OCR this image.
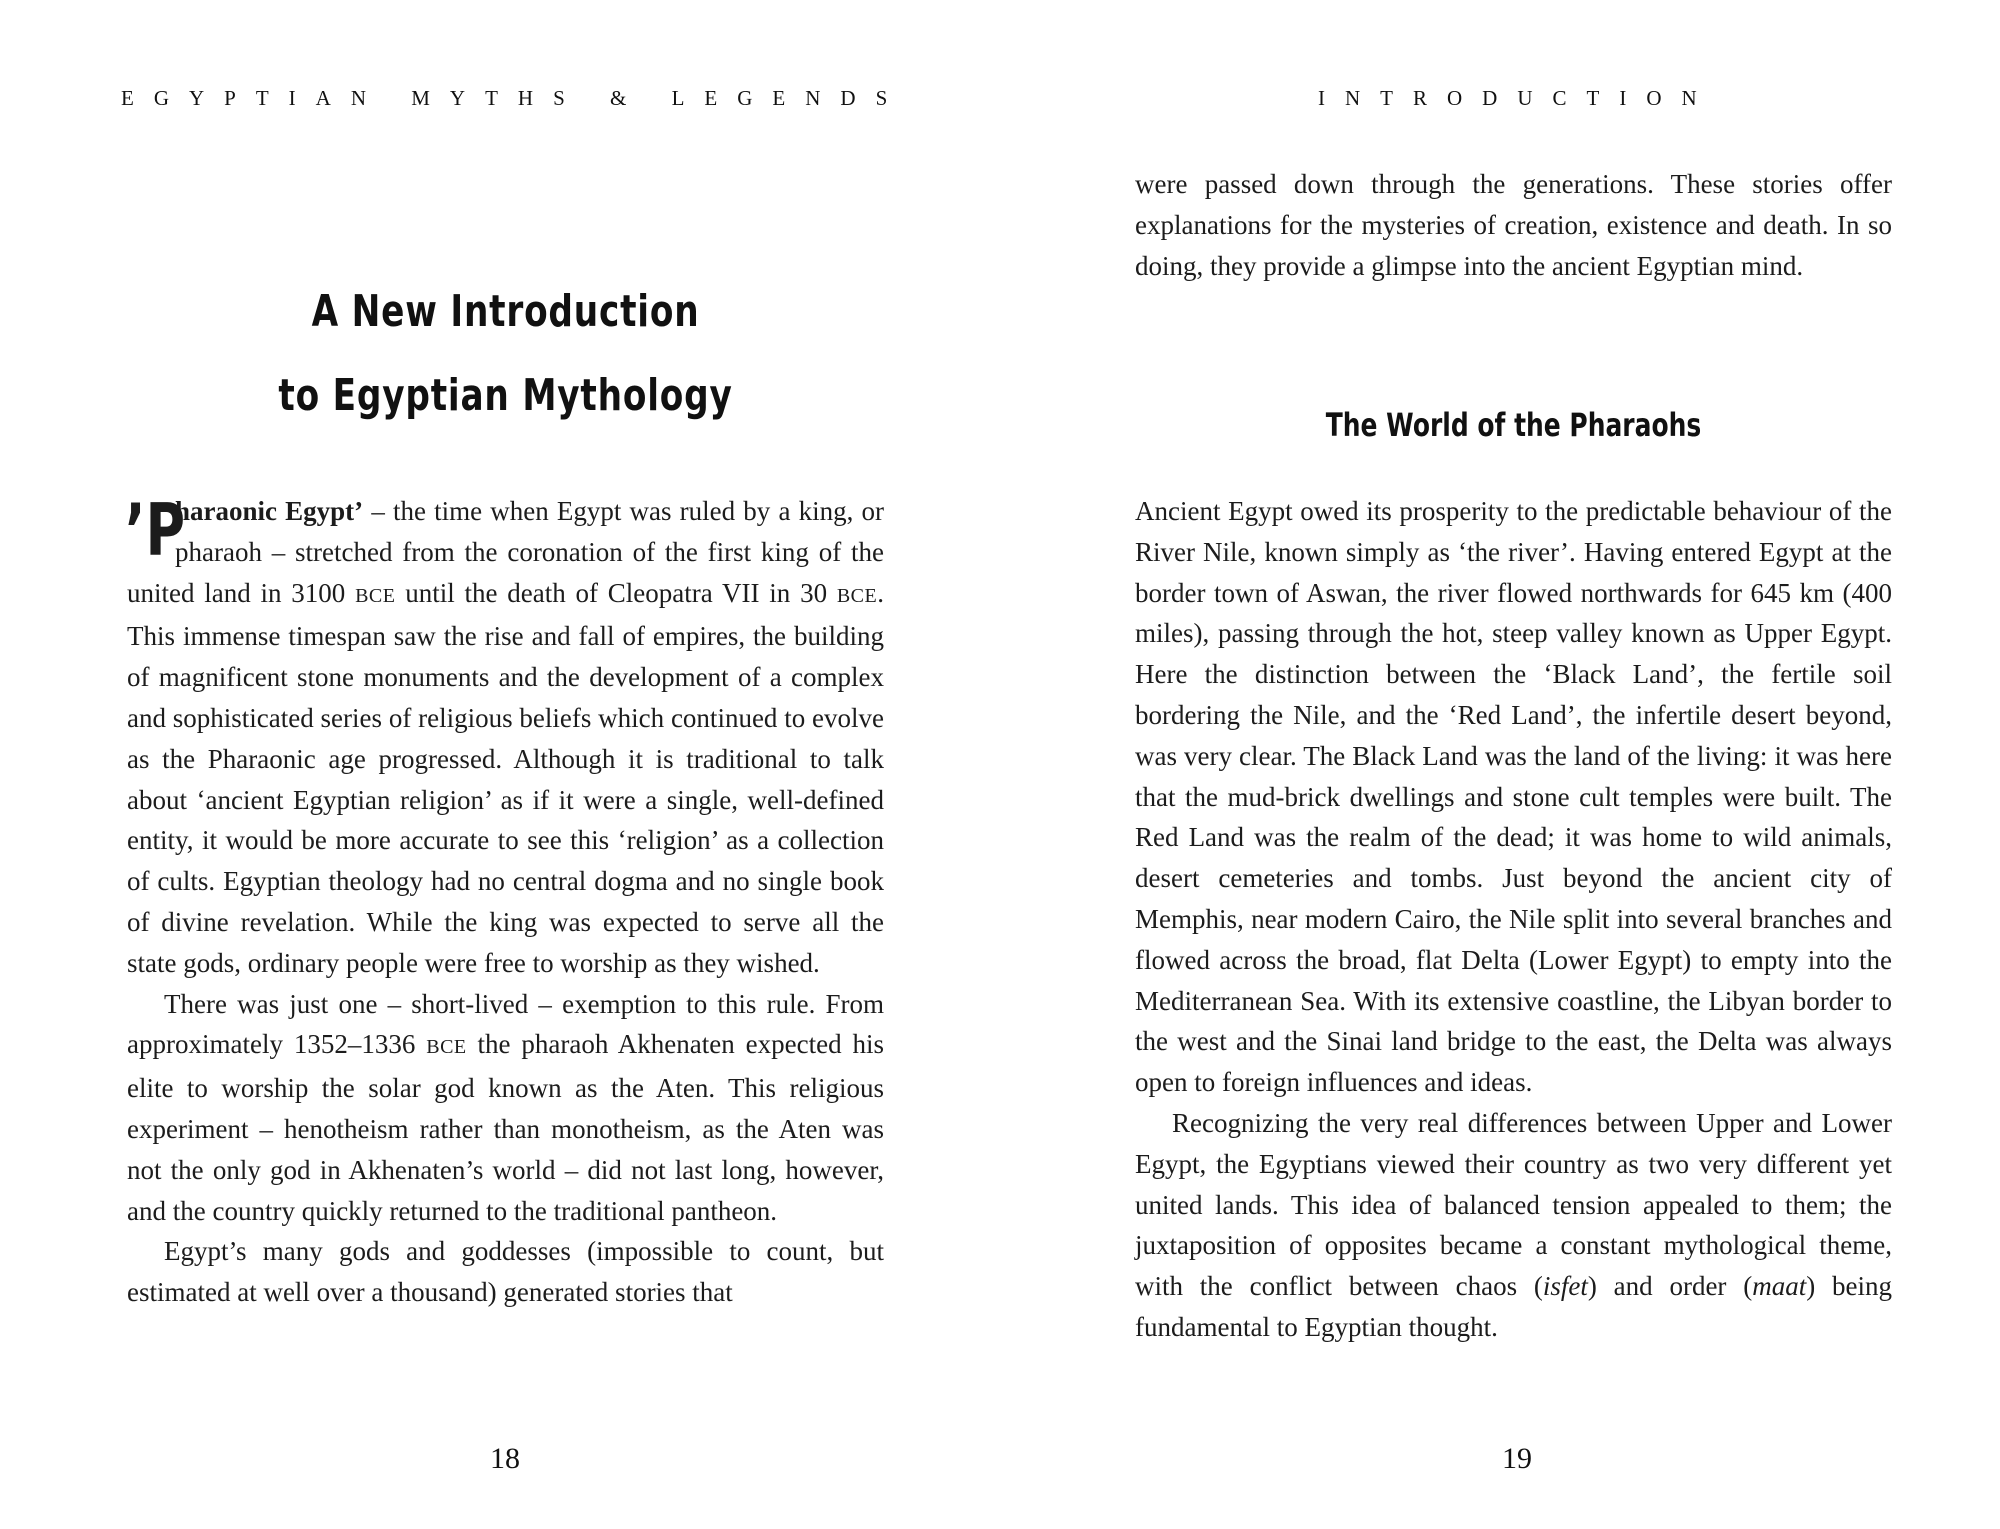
EGYPTIAN MYTHS & LEGENDS
A New Introduction
to Egyptian Mythology

’P
haraonic Egypt’ – the time when Egypt was ruled by a king, or pharaoh – stretched from the coronation of the first king of the united land in 3100 BCE until the death of Cleopatra VII in 30 BCE. This immense timespan saw the rise and fall of empires, the building of magnificent stone monuments and the development of a complex and sophisticated series of religious beliefs which continued to evolve as the Pharaonic age progressed. Although it is traditional to talk about ‘ancient Egyptian religion’ as if it were a single, well-defined entity, it would be more accurate to see this ‘religion’ as a collection of cults. Egyptian theology had no central dogma and no single book of divine revelation. While the king was expected to serve all the state gods, ordinary people were free to worship as they wished.

There was just one – short-lived – exemption to this rule. From approximately 1352–1336 BCE the pharaoh Akhenaten expected his elite to worship the solar god known as the Aten. This religious experiment – henotheism rather than monotheism, as the Aten was not the only god in Akhenaten’s world – did not last long, however, and the country quickly returned to the traditional pantheon.

Egypt’s many gods and goddesses (impossible to count, but estimated at well over a thousand) generated stories that

18
INTRODUCTION

were passed down through the generations. These stories offer explanations for the mysteries of creation, existence and death. In so doing, they provide a glimpse into the ancient Egyptian mind.

The World of the Pharaohs

Ancient Egypt owed its prosperity to the predictable behaviour of the River Nile, known simply as ‘the river’. Having entered Egypt at the border town of Aswan, the river flowed northwards for 645 km (400 miles), passing through the hot, steep valley known as Upper Egypt. Here the distinction between the ‘Black Land’, the fertile soil bordering the Nile, and the ‘Red Land’, the infertile desert beyond, was very clear. The Black Land was the land of the living: it was here that the mud-brick dwellings and stone cult temples were built. The Red Land was the realm of the dead; it was home to wild animals, desert cemeteries and tombs. Just beyond the ancient city of Memphis, near modern Cairo, the Nile split into several branches and flowed across the broad, flat Delta (Lower Egypt) to empty into the Mediterranean Sea. With its extensive coastline, the Libyan border to the west and the Sinai land bridge to the east, the Delta was always open to foreign influences and ideas.

Recognizing the very real differences between Upper and Lower Egypt, the Egyptians viewed their country as two very different yet united lands. This idea of balanced tension appealed to them; the juxtaposition of opposites became a constant mythological theme, with the conflict between chaos (isfet) and order (maat) being fundamental to Egyptian thought.

19
